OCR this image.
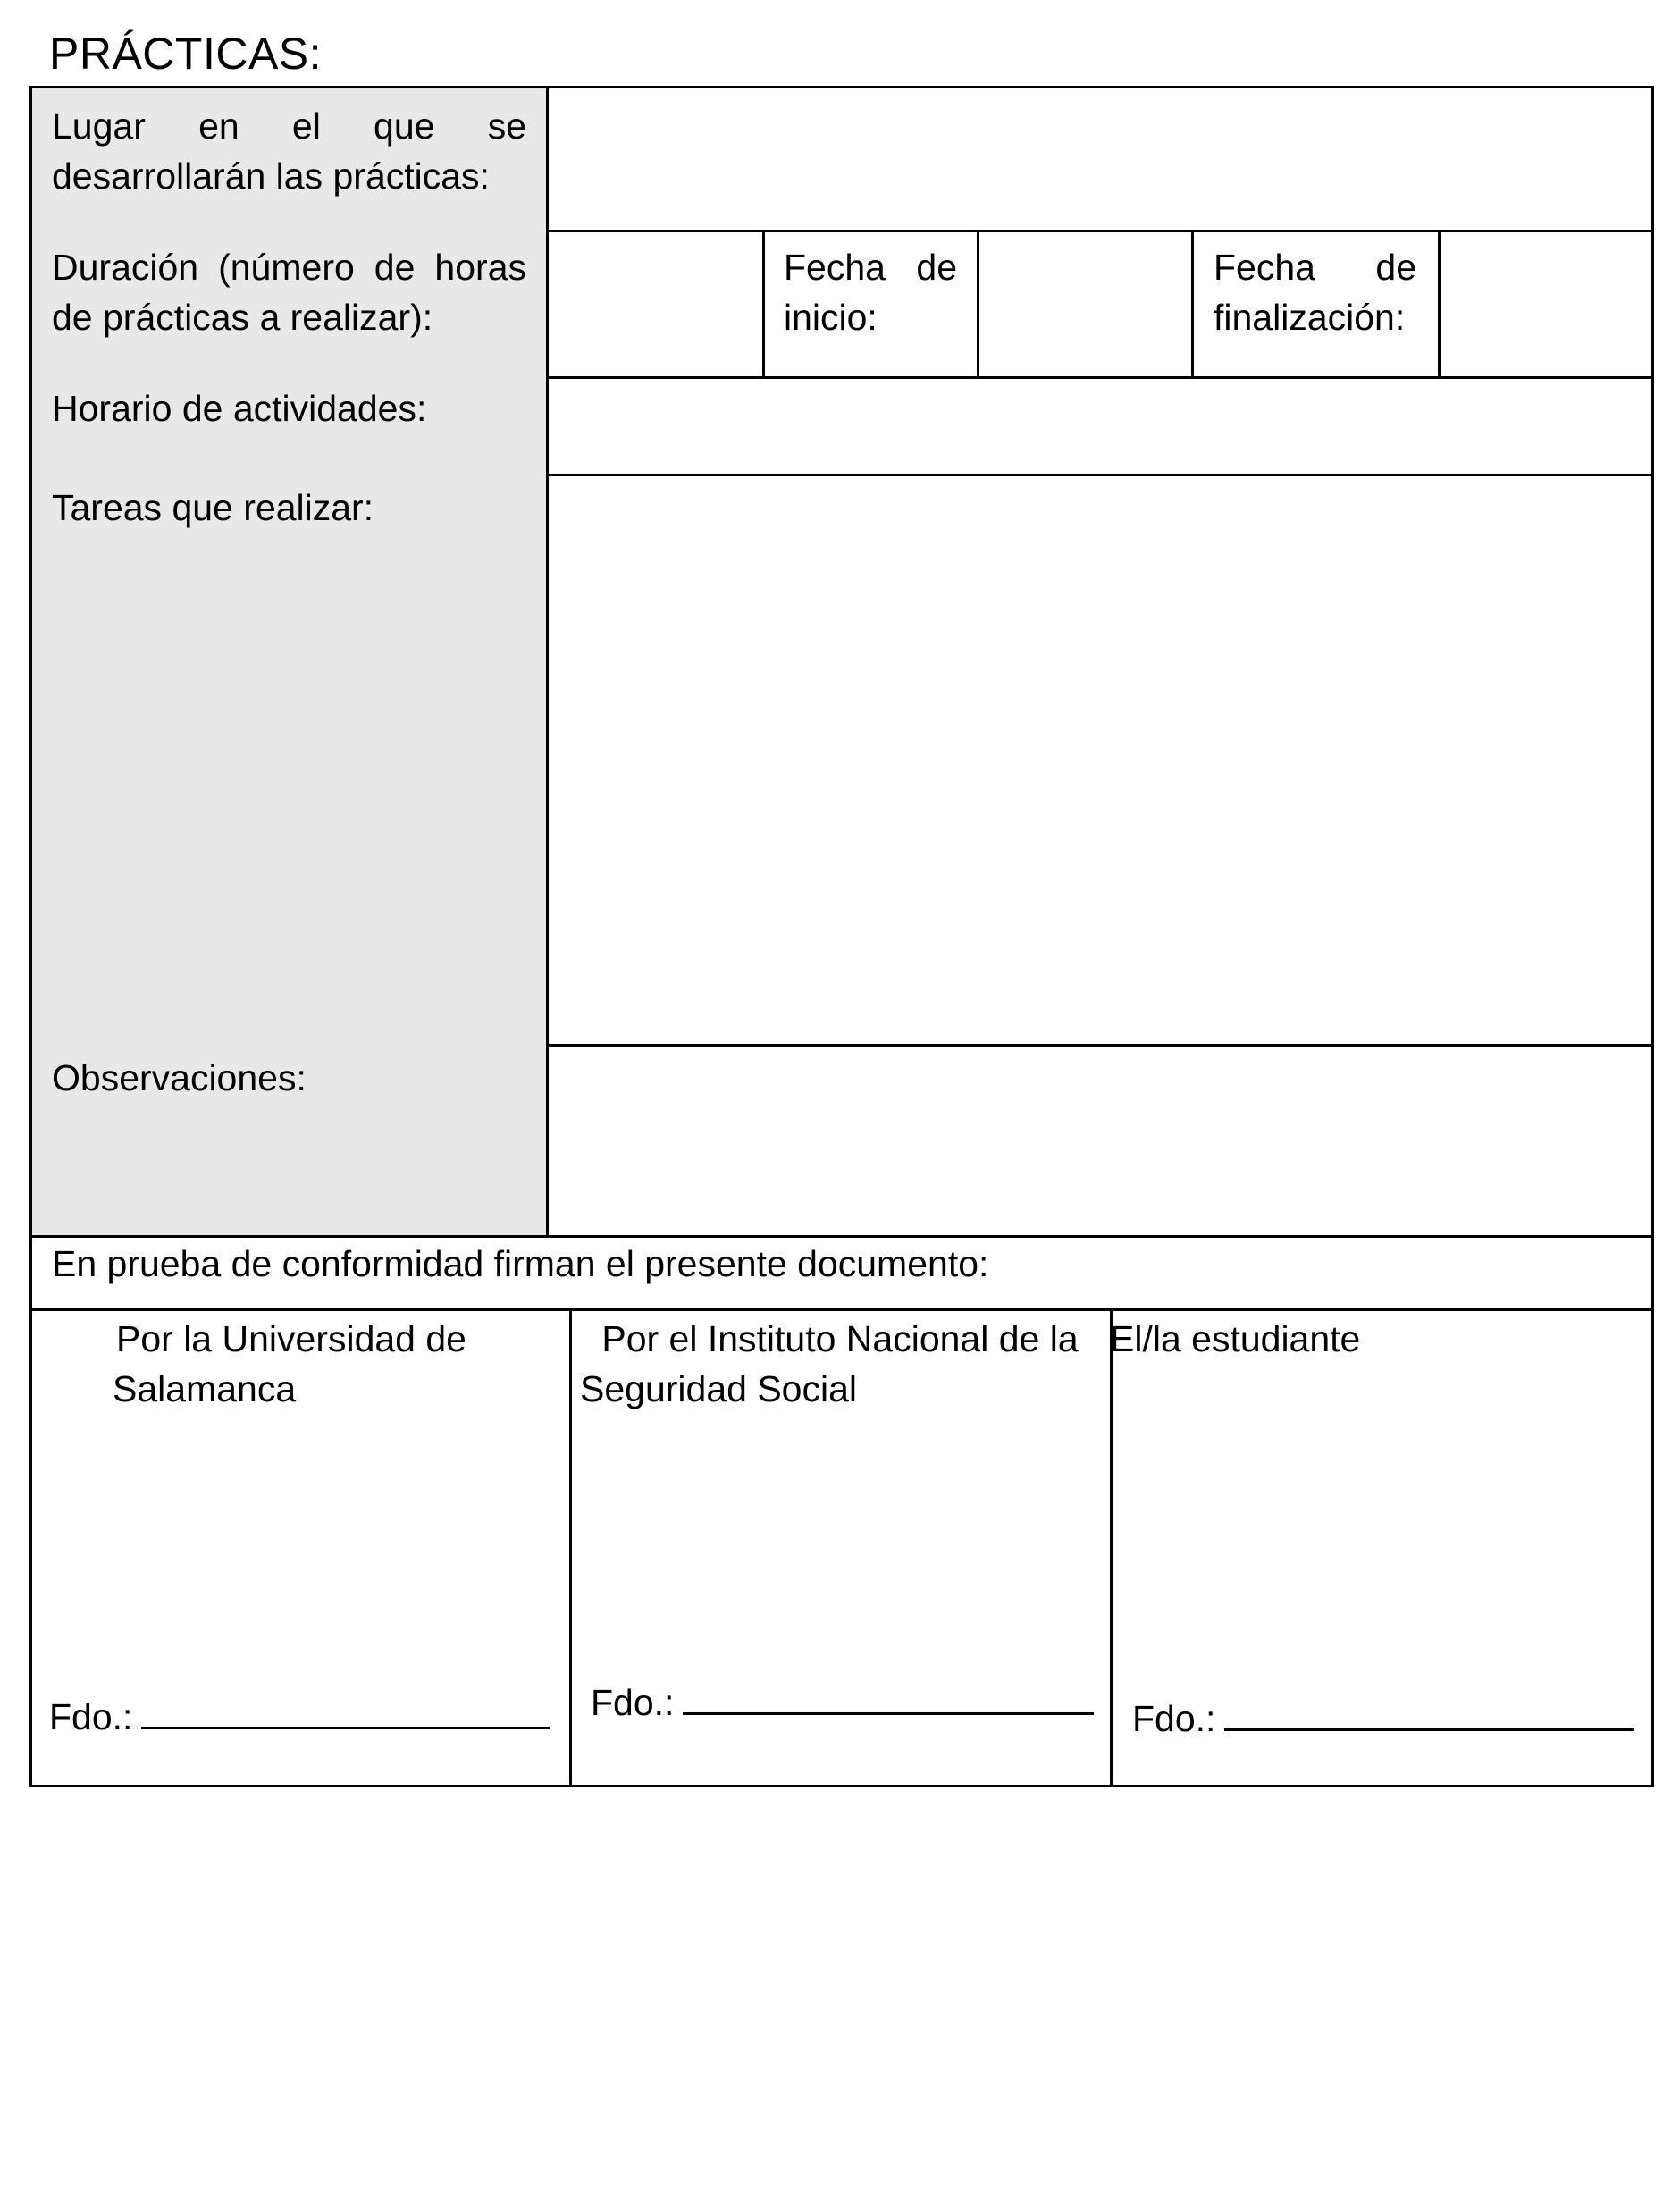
PRÁCTICAS:
Lugar en el que se desarrollarán las prácticas:
Duración (número de horas de prácticas a realizar):
Fecha de inicio:
Fecha de finalización:
Horario de actividades:
Tareas que realizar:
Observaciones:
En prueba de conformidad firman el presente documento:
Por la Universidad de Salamanca
Por el Instituto Nacional de la Seguridad Social
El/la estudiante
Fdo.:	Fdo.:	Fdo.:
